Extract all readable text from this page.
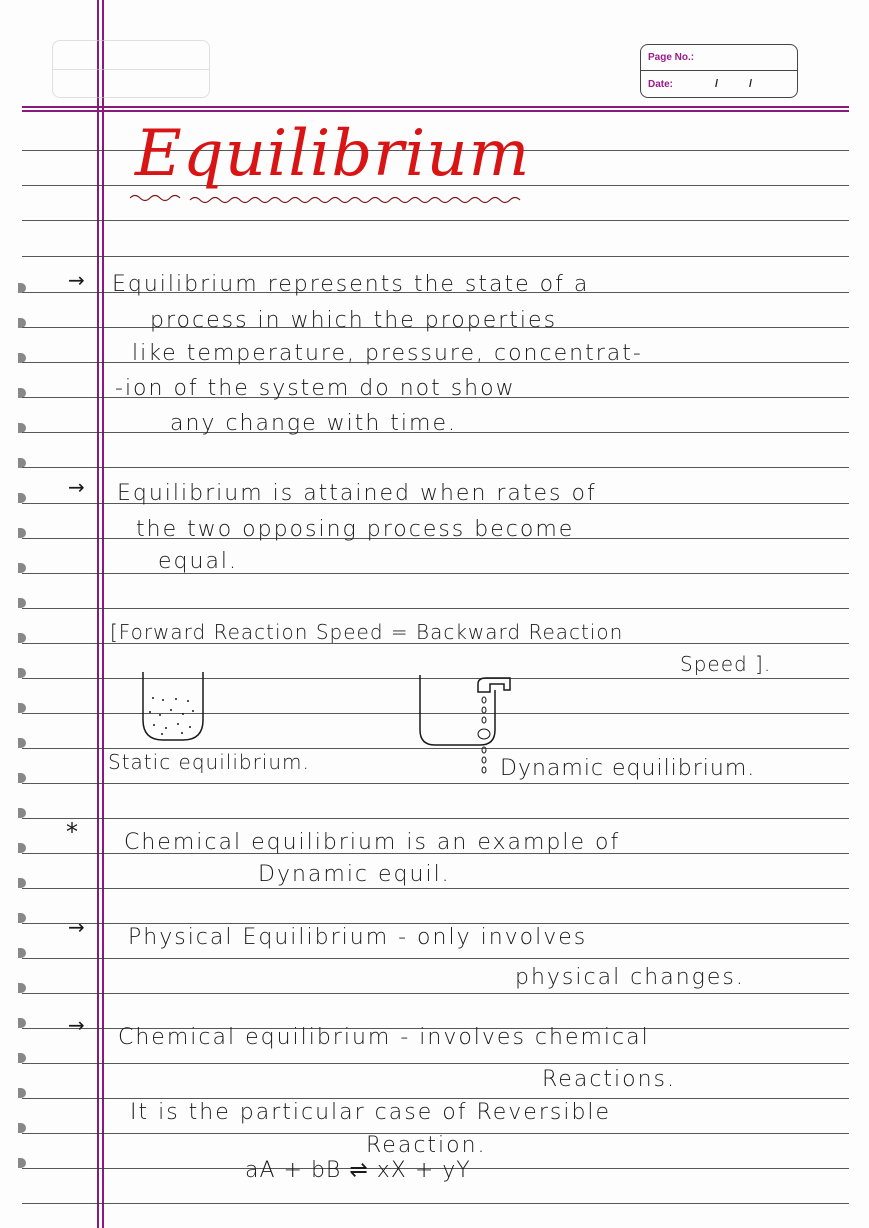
Page No.:
Date:	/	/
Equilibrium
→ Equilibrium represents the state of a
process in which the properties
like temperature, pressure, concentrat-
-ion of the system do not show
any change with time.
→ Equilibrium is attained when rates of
the two opposing process become
equal.
[Forward Reaction Speed = Backward Reaction
Speed ].
Static equilibrium.	Dynamic equilibrium.
* Chemical equilibrium is an example of
Dynamic equil.
→ Physical Equilibrium - only involves
physical changes.
→ Chemical equilibrium - involves chemical
Reactions.
It is the particular case of Reversible
Reaction.
aA + bB ⇌ xX + yY
